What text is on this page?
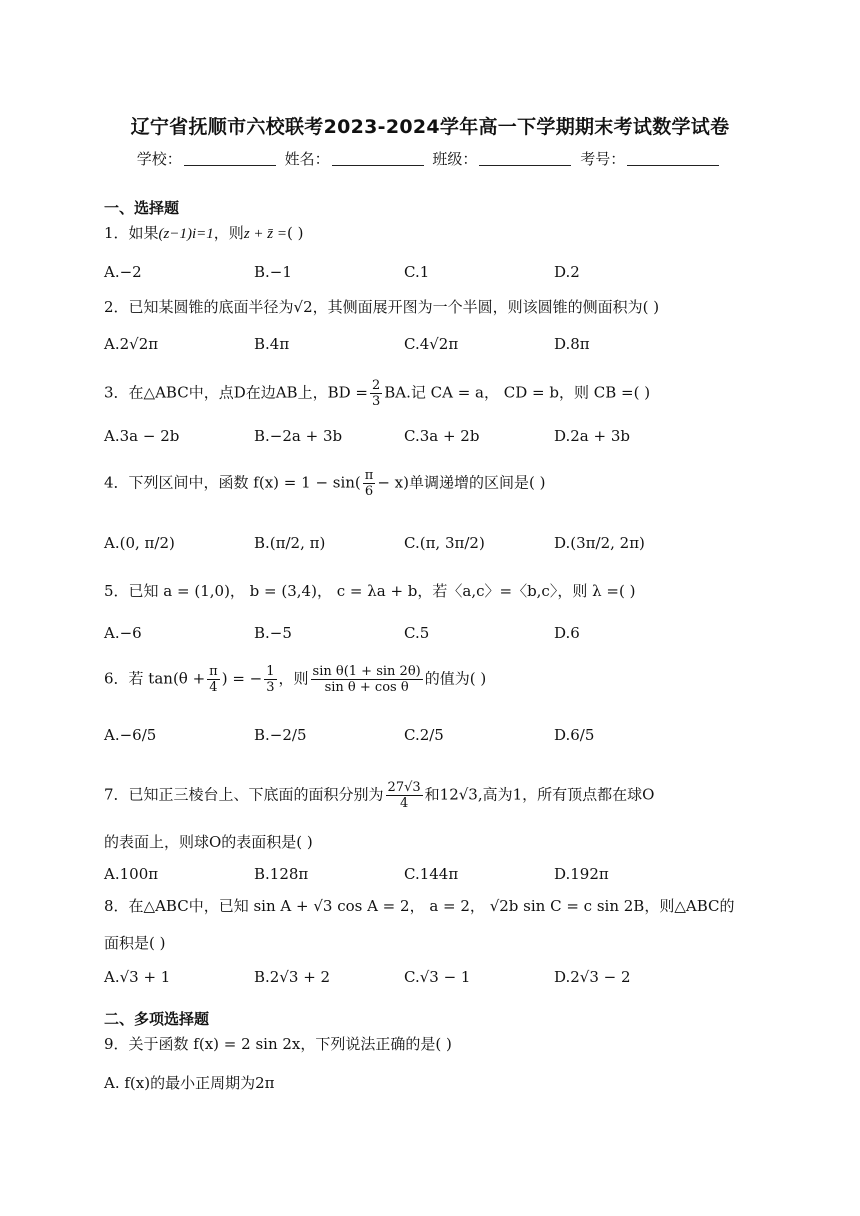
辽宁省抚顺市六校联考2023-2024学年高一下学期期末考试数学试卷
学校：	姓名：	班级：	考号：
一、选择题
1．如果(z−1)i=1，则z + z̄ =( )
A.−2	B.−1	C.1	D.2
2．已知某圆锥的底面半径为√2，其侧面展开图为一个半圆，则该圆锥的侧面积为( )
A.2√2π	B.4π	C.4√2π	D.8π
3．在△ABC中，点D在边AB上，BD = $\frac{2}{3}$ BA.记 CA = a， CD = b，则 CB =( )
A.3a − 2b	B.−2a + 3b	C.3a + 2b	D.2a + 3b
4．下列区间中，函数 $f(x) = 1 - \sin( \frac{\pi}{6} - x)$单调递增的区间是( )
A.(0, π/2)	B.(π/2, π)	C.(π, 3π/2)	D.(3π/2, 2π)
5．已知 a = (1,0)， b = (3,4)， c = λa + b，若〈a,c〉=〈b,c〉，则 λ =( )
A.−6	B.−5	C.5	D.6
6．若 $\tan(\theta + \frac{\pi}{4}$ ) = − $\frac{1}{3}$ ，则 $\frac{\text{sin θ(1 + sin 2θ)}}{\text{sin θ + cos θ}}$ 的值为( )
A.−6/5	B.−2/5	C.2/5	D.6/5
7．已知正三棱台上、下底面的面积分别为 $\frac{27√3}{4}$ 和12√3,高为1，所有顶点都在球O
的表面上，则球O的表面积是( )
A.100π	B.128π	C.144π	D.192π
8．在△ABC中，已知 sin A + √3 cos A = 2， a = 2， √2b sin C = c sin 2B，则△ABC的
面积是( )
A.√3 + 1	B.2√3 + 2	C.√3 − 1	D.2√3 − 2
二、多项选择题
9．关于函数 f(x) = 2 sin 2x，下列说法正确的是( )
A. f(x)的最小正周期为2π
